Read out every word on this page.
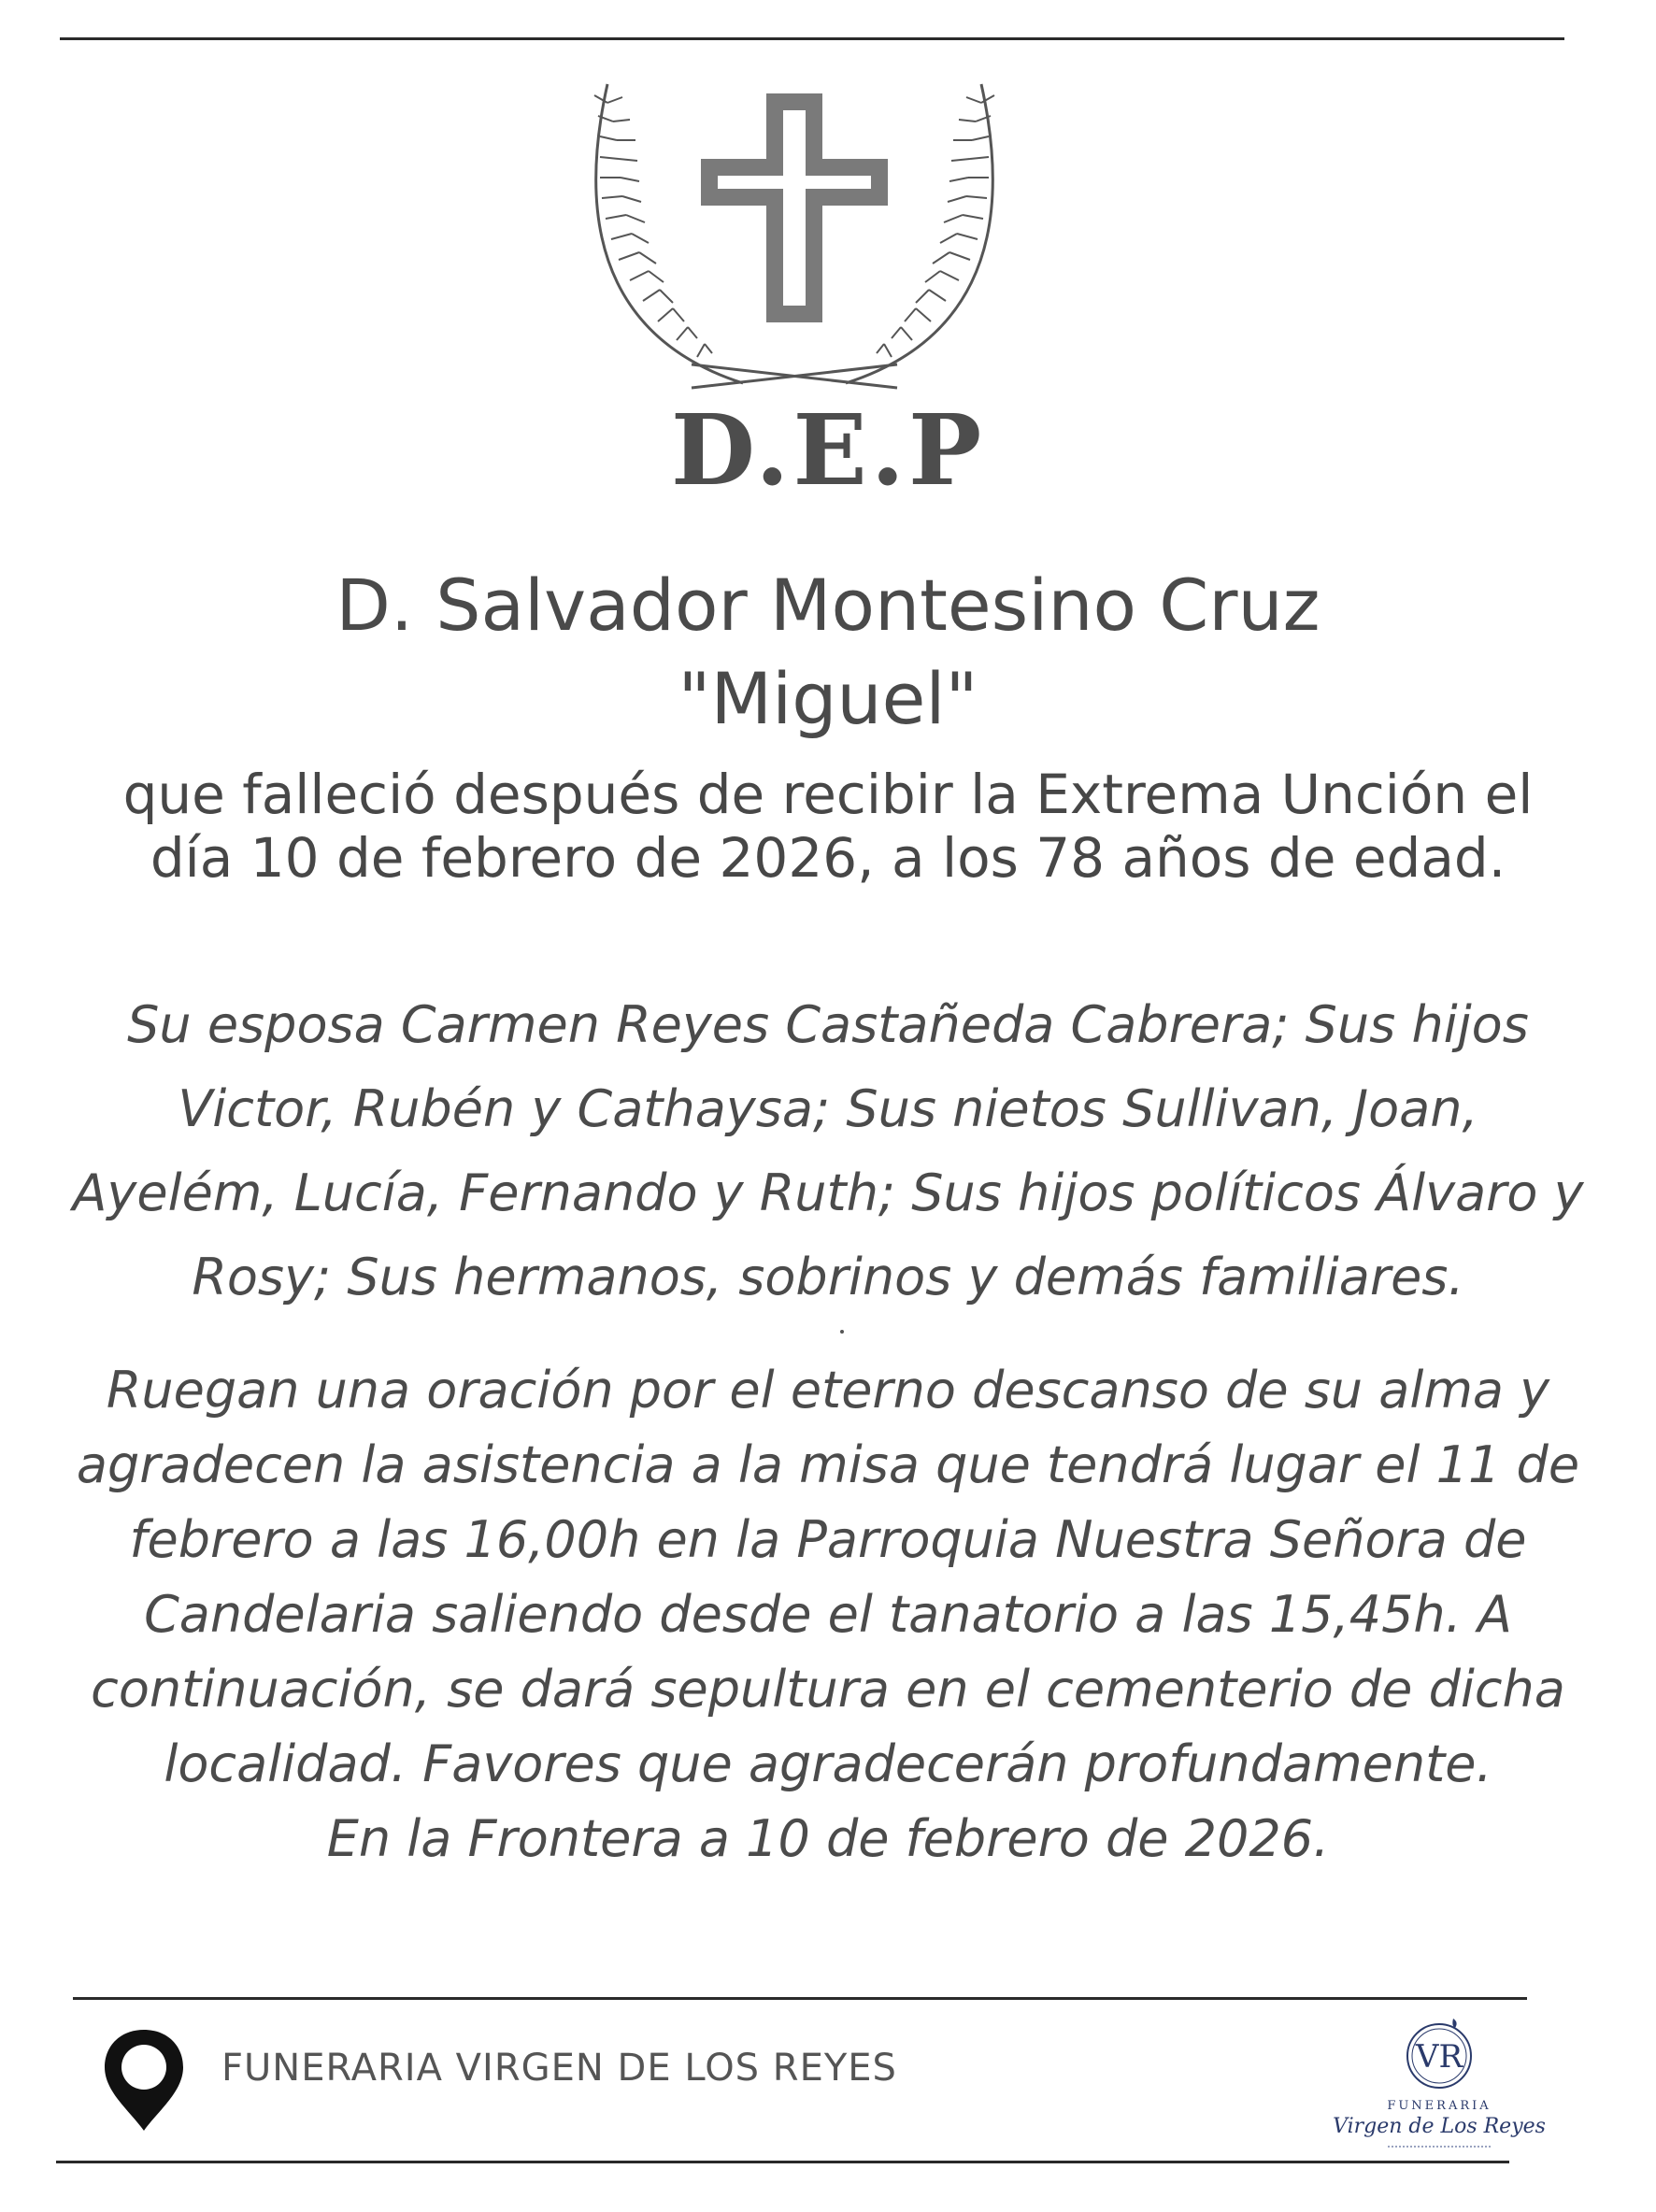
D.E.P
D. Salvador Montesino Cruz
"Miguel"
que falleció después de recibir la Extrema Unción el
día 10 de febrero de 2026, a los 78 años de edad.
Su esposa Carmen Reyes Castañeda Cabrera; Sus hijos
Victor, Rubén y Cathaysa; Sus nietos Sullivan, Joan,
Ayelém, Lucía, Fernando y Ruth; Sus hijos políticos Álvaro y
Rosy; Sus hermanos, sobrinos y demás familiares.
Ruegan una oración por el eterno descanso de su alma y
agradecen la asistencia a la misa que tendrá lugar el 11 de
febrero a las 16,00h en la Parroquia Nuestra Señora de
Candelaria saliendo desde el tanatorio a las 15,45h. A
continuación, se dará sepultura en el cementerio de dicha
localidad. Favores que agradecerán profundamente.
En la Frontera a 10 de febrero de 2026.
FUNERARIA VIRGEN DE LOS REYES	VR
FUNERARIA
Virgen de Los Reyes
